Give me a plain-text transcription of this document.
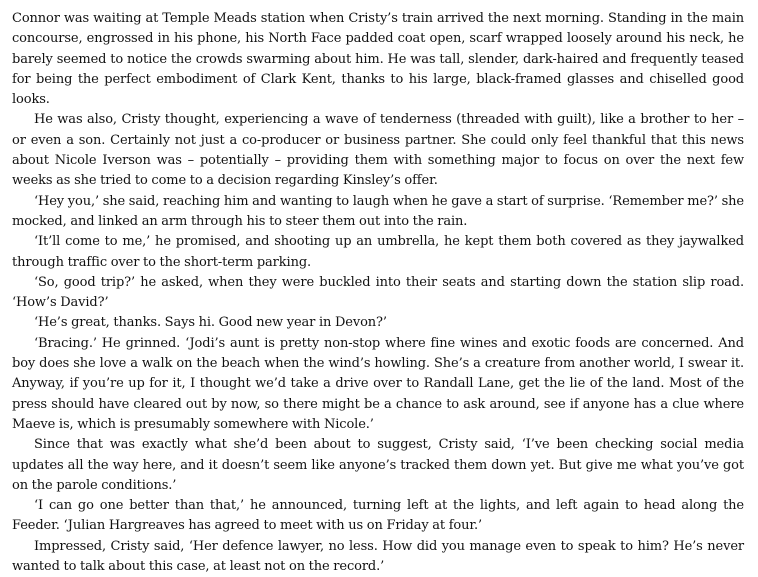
Connor was waiting at Temple Meads station when Cristy’s train arrived the next morning. Standing in the main concourse, engrossed in his phone, his North Face padded coat open, scarf wrapped loosely around his neck, he barely seemed to notice the crowds swarming about him. He was tall, slender, dark-haired and frequently teased for being the perfect embodiment of Clark Kent, thanks to his large, black-framed glasses and chiselled good looks.

He was also, Cristy thought, experiencing a wave of tenderness (threaded with guilt), like a brother to her – or even a son. Certainly not just a co-producer or business partner. She could only feel thankful that this news about Nicole Iverson was – potentially – providing them with something major to focus on over the next few weeks as she tried to come to a decision regarding Kinsley’s offer.

‘Hey you,’ she said, reaching him and wanting to laugh when he gave a start of surprise. ‘Remember me?’ she mocked, and linked an arm through his to steer them out into the rain.

‘It’ll come to me,’ he promised, and shooting up an umbrella, he kept them both covered as they jaywalked through traffic over to the short-term parking.

‘So, good trip?’ he asked, when they were buckled into their seats and starting down the station slip road. ‘How’s David?’

‘He’s great, thanks. Says hi. Good new year in Devon?’

‘Bracing.’ He grinned. ‘Jodi’s aunt is pretty non-stop where fine wines and exotic foods are concerned. And boy does she love a walk on the beach when the wind’s howling. She’s a creature from another world, I swear it. Anyway, if you’re up for it, I thought we’d take a drive over to Randall Lane, get the lie of the land. Most of the press should have cleared out by now, so there might be a chance to ask around, see if anyone has a clue where Maeve is, which is presumably somewhere with Nicole.’

Since that was exactly what she’d been about to suggest, Cristy said, ‘I’ve been checking social media updates all the way here, and it doesn’t seem like anyone’s tracked them down yet. But give me what you’ve got on the parole conditions.’

‘I can go one better than that,’ he announced, turning left at the lights, and left again to head along the Feeder. ‘Julian Hargreaves has agreed to meet with us on Friday at four.’

Impressed, Cristy said, ‘Her defence lawyer, no less. How did you manage even to speak to him? He’s never wanted to talk about this case, at least not on the record.’
